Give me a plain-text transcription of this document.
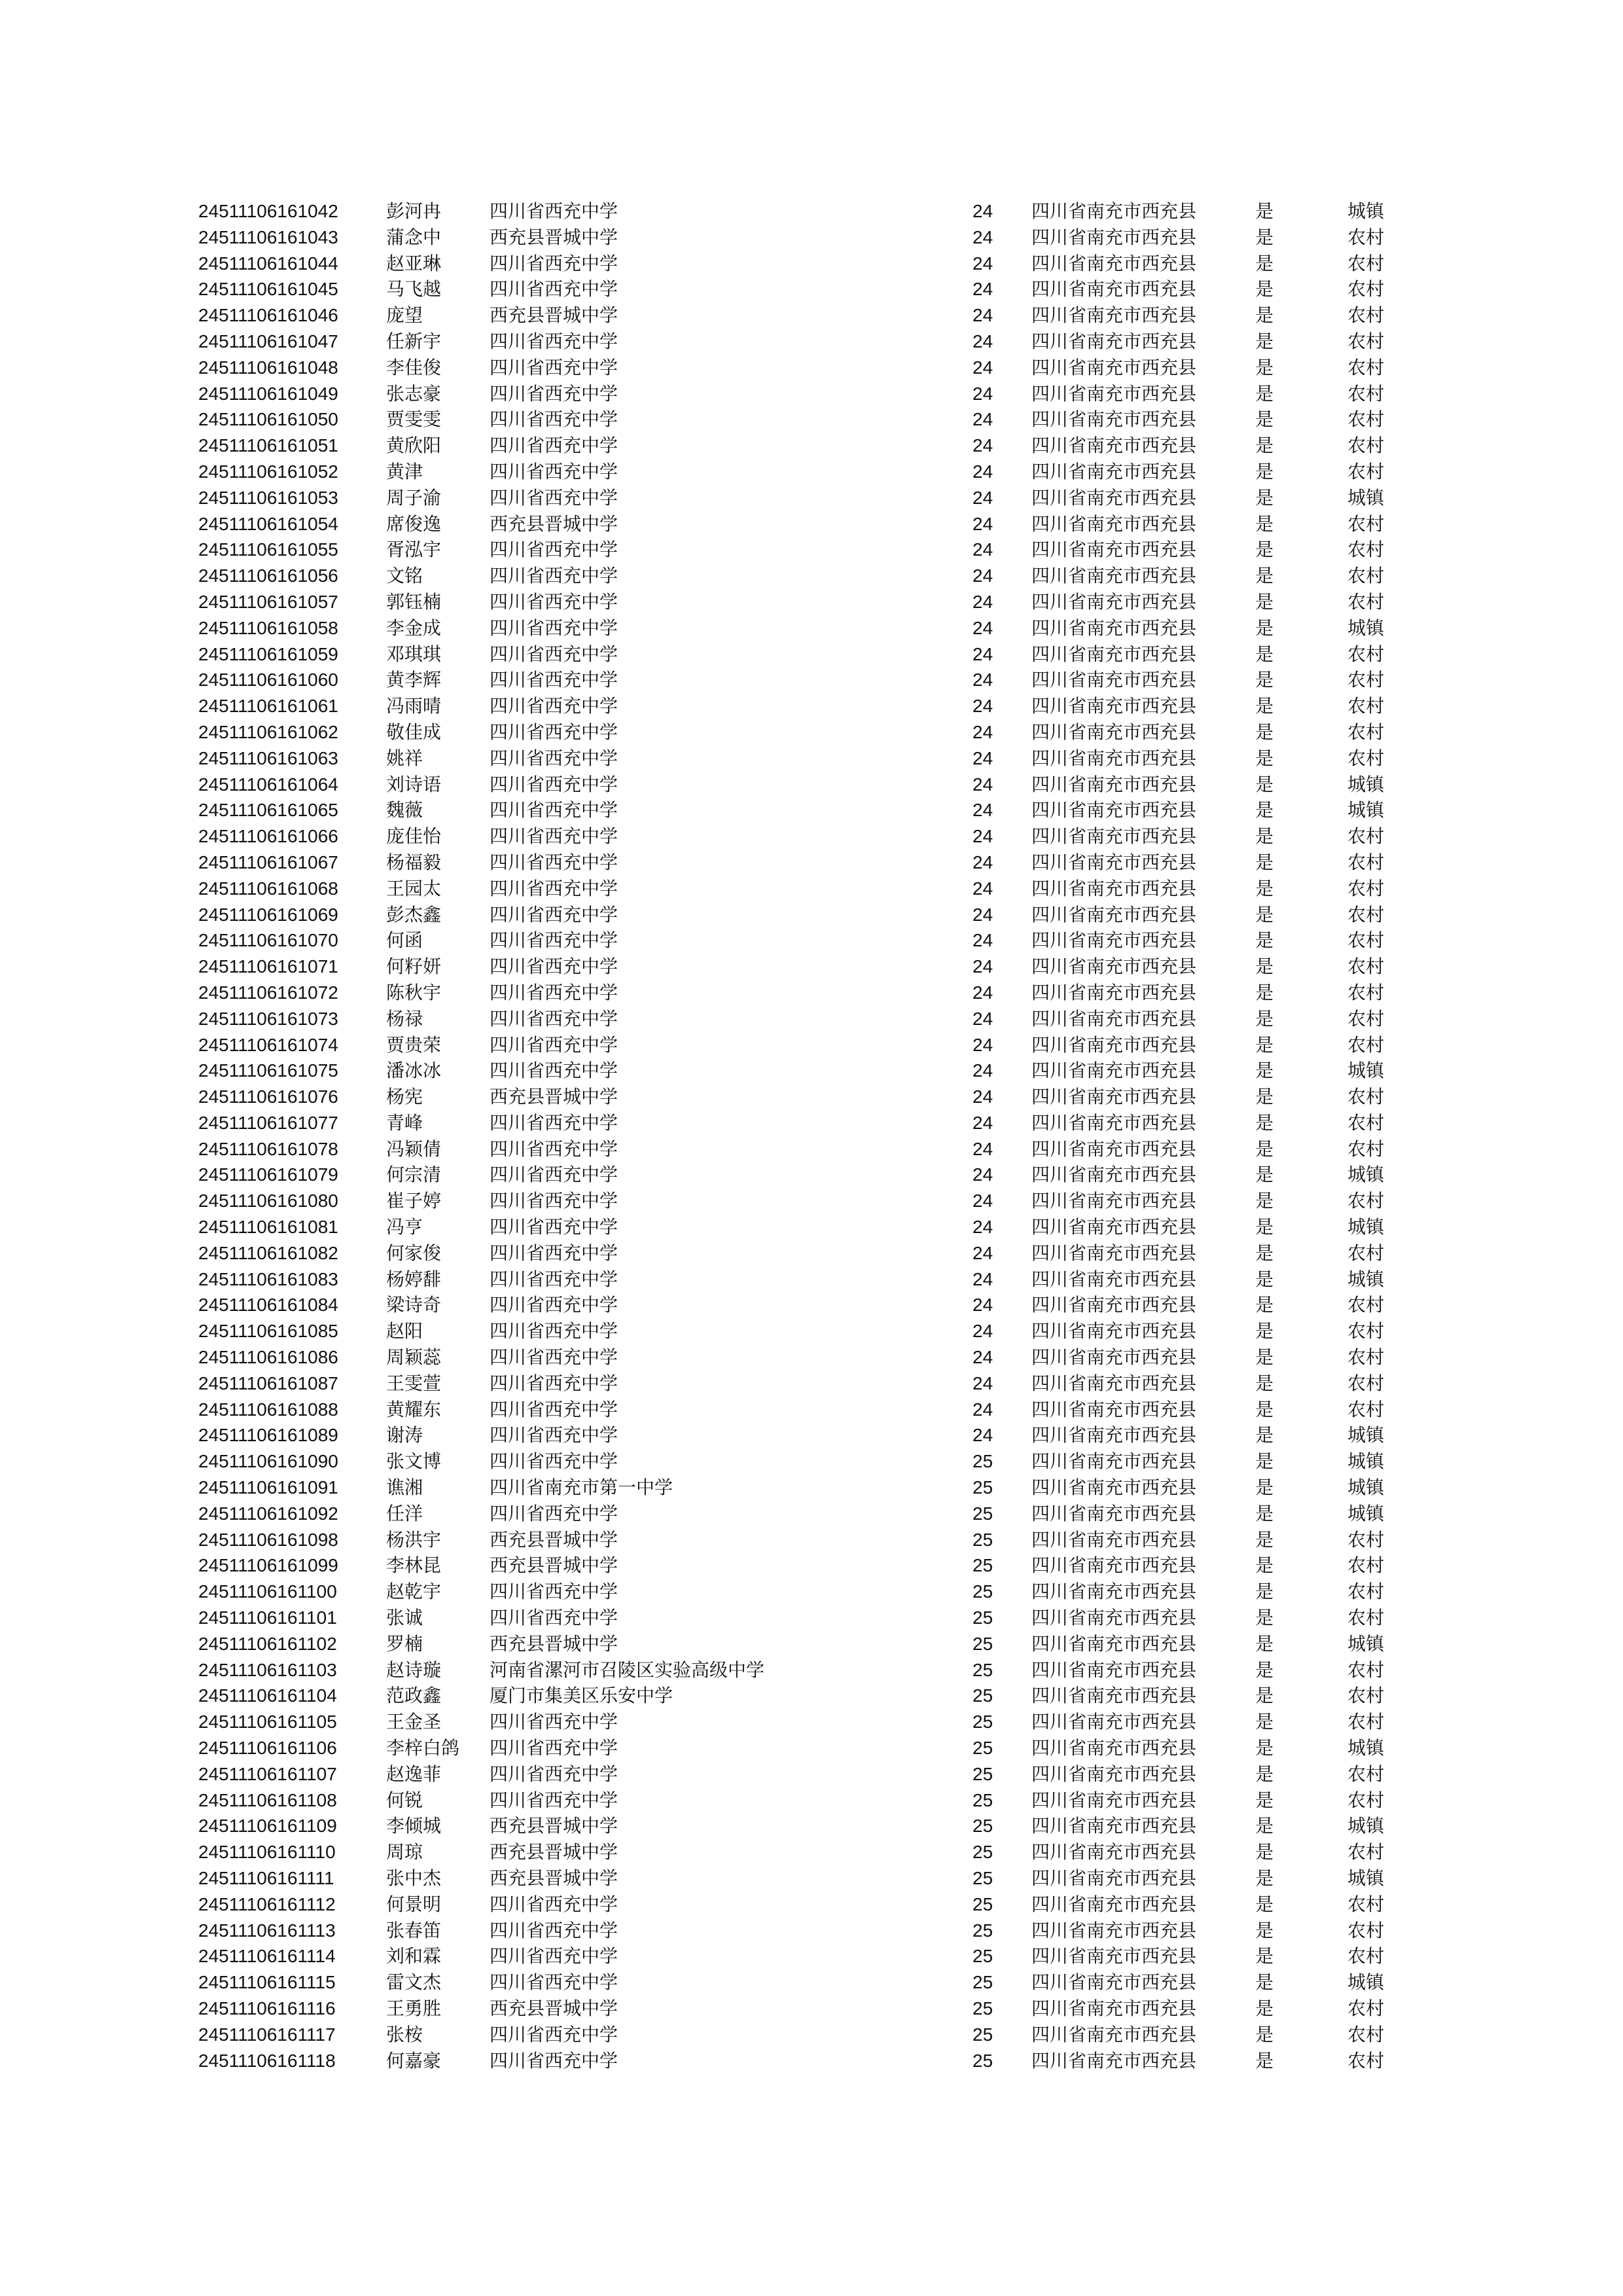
24511106161042	彭河冉	四川省西充中学	24 四川省南充市西充县	是	城镇
24511106161043	蒲念中	西充县晋城中学	24 四川省南充市西充县	是	农村
24511106161044	赵亚琳	四川省西充中学	24 四川省南充市西充县	是	农村
24511106161045	马飞越	四川省西充中学	24 四川省南充市西充县	是	农村
24511106161046	庞望	西充县晋城中学	24 四川省南充市西充县	是	农村
24511106161047	任新宇	四川省西充中学	24 四川省南充市西充县	是	农村
24511106161048	李佳俊	四川省西充中学	24 四川省南充市西充县	是	农村
24511106161049	张志豪	四川省西充中学	24 四川省南充市西充县	是	农村
24511106161050	贾雯雯	四川省西充中学	24 四川省南充市西充县	是	农村
24511106161051	黄欣阳	四川省西充中学	24 四川省南充市西充县	是	农村
24511106161052	黄津	四川省西充中学	24 四川省南充市西充县	是	农村
24511106161053	周子渝	四川省西充中学	24 四川省南充市西充县	是	城镇
24511106161054	席俊逸	西充县晋城中学	24 四川省南充市西充县	是	农村
24511106161055	胥泓宇	四川省西充中学	24 四川省南充市西充县	是	农村
24511106161056	文铭	四川省西充中学	24 四川省南充市西充县	是	农村
24511106161057	郭钰楠	四川省西充中学	24 四川省南充市西充县	是	农村
24511106161058	李金成	四川省西充中学	24 四川省南充市西充县	是	城镇
24511106161059	邓琪琪	四川省西充中学	24 四川省南充市西充县	是	农村
24511106161060	黄李辉	四川省西充中学	24 四川省南充市西充县	是	农村
24511106161061	冯雨晴	四川省西充中学	24 四川省南充市西充县	是	农村
24511106161062	敬佳成	四川省西充中学	24 四川省南充市西充县	是	农村
24511106161063	姚祥	四川省西充中学	24 四川省南充市西充县	是	农村
24511106161064	刘诗语	四川省西充中学	24 四川省南充市西充县	是	城镇
24511106161065	魏薇	四川省西充中学	24 四川省南充市西充县	是	城镇
24511106161066	庞佳怡	四川省西充中学	24 四川省南充市西充县	是	农村
24511106161067	杨福毅	四川省西充中学	24 四川省南充市西充县	是	农村
24511106161068	王园太	四川省西充中学	24 四川省南充市西充县	是	农村
24511106161069	彭杰鑫	四川省西充中学	24 四川省南充市西充县	是	农村
24511106161070	何函	四川省西充中学	24 四川省南充市西充县	是	农村
24511106161071	何籽妍	四川省西充中学	24 四川省南充市西充县	是	农村
24511106161072	陈秋宇	四川省西充中学	24 四川省南充市西充县	是	农村
24511106161073	杨禄	四川省西充中学	24 四川省南充市西充县	是	农村
24511106161074	贾贵荣	四川省西充中学	24 四川省南充市西充县	是	农村
24511106161075	潘冰冰	四川省西充中学	24 四川省南充市西充县	是	城镇
24511106161076	杨宪	西充县晋城中学	24 四川省南充市西充县	是	农村
24511106161077	青峰	四川省西充中学	24 四川省南充市西充县	是	农村
24511106161078	冯颖倩	四川省西充中学	24 四川省南充市西充县	是	农村
24511106161079	何宗清	四川省西充中学	24 四川省南充市西充县	是	城镇
24511106161080	崔子婷	四川省西充中学	24 四川省南充市西充县	是	农村
24511106161081	冯亨	四川省西充中学	24 四川省南充市西充县	是	城镇
24511106161082	何家俊	四川省西充中学	24 四川省南充市西充县	是	农村
24511106161083	杨婷馡	四川省西充中学	24 四川省南充市西充县	是	城镇
24511106161084	梁诗奇	四川省西充中学	24 四川省南充市西充县	是	农村
24511106161085	赵阳	四川省西充中学	24 四川省南充市西充县	是	农村
24511106161086	周颖蕊	四川省西充中学	24 四川省南充市西充县	是	农村
24511106161087	王雯萱	四川省西充中学	24 四川省南充市西充县	是	农村
24511106161088	黄耀东	四川省西充中学	24 四川省南充市西充县	是	农村
24511106161089	谢涛	四川省西充中学	24 四川省南充市西充县	是	城镇
24511106161090	张文博	四川省西充中学	25 四川省南充市西充县	是	城镇
24511106161091	谯湘	四川省南充市第一中学	25 四川省南充市西充县	是	城镇
24511106161092	任洋	四川省西充中学	25 四川省南充市西充县	是	城镇
24511106161098	杨洪宇	西充县晋城中学	25 四川省南充市西充县	是	农村
24511106161099	李林昆	西充县晋城中学	25 四川省南充市西充县	是	农村
24511106161100	赵乾宇	四川省西充中学	25 四川省南充市西充县	是	农村
24511106161101	张诚	四川省西充中学	25 四川省南充市西充县	是	农村
24511106161102	罗楠	西充县晋城中学	25 四川省南充市西充县	是	城镇
24511106161103	赵诗璇	河南省漯河市召陵区实验高级中学	25 四川省南充市西充县	是	农村
24511106161104	范政鑫	厦门市集美区乐安中学	25 四川省南充市西充县	是	农村
24511106161105	王金圣	四川省西充中学	25 四川省南充市西充县	是	农村
24511106161106	李梓白鸽 四川省西充中学	25 四川省南充市西充县	是	城镇
24511106161107	赵逸菲	四川省西充中学	25 四川省南充市西充县	是	农村
24511106161108	何锐	四川省西充中学	25 四川省南充市西充县	是	农村
24511106161109	李倾城	西充县晋城中学	25 四川省南充市西充县	是	城镇
24511106161110	周琼	西充县晋城中学	25 四川省南充市西充县	是	农村
24511106161111	张中杰	西充县晋城中学	25 四川省南充市西充县	是	城镇
24511106161112	何景明	四川省西充中学	25 四川省南充市西充县	是	农村
24511106161113	张春笛	四川省西充中学	25 四川省南充市西充县	是	农村
24511106161114	刘和霖	四川省西充中学	25 四川省南充市西充县	是	农村
24511106161115	雷文杰	四川省西充中学	25 四川省南充市西充县	是	城镇
24511106161116	王勇胜	西充县晋城中学	25 四川省南充市西充县	是	农村
24511106161117	张桉	四川省西充中学	25 四川省南充市西充县	是	农村
24511106161118	何嘉豪	四川省西充中学	25 四川省南充市西充县	是	农村
